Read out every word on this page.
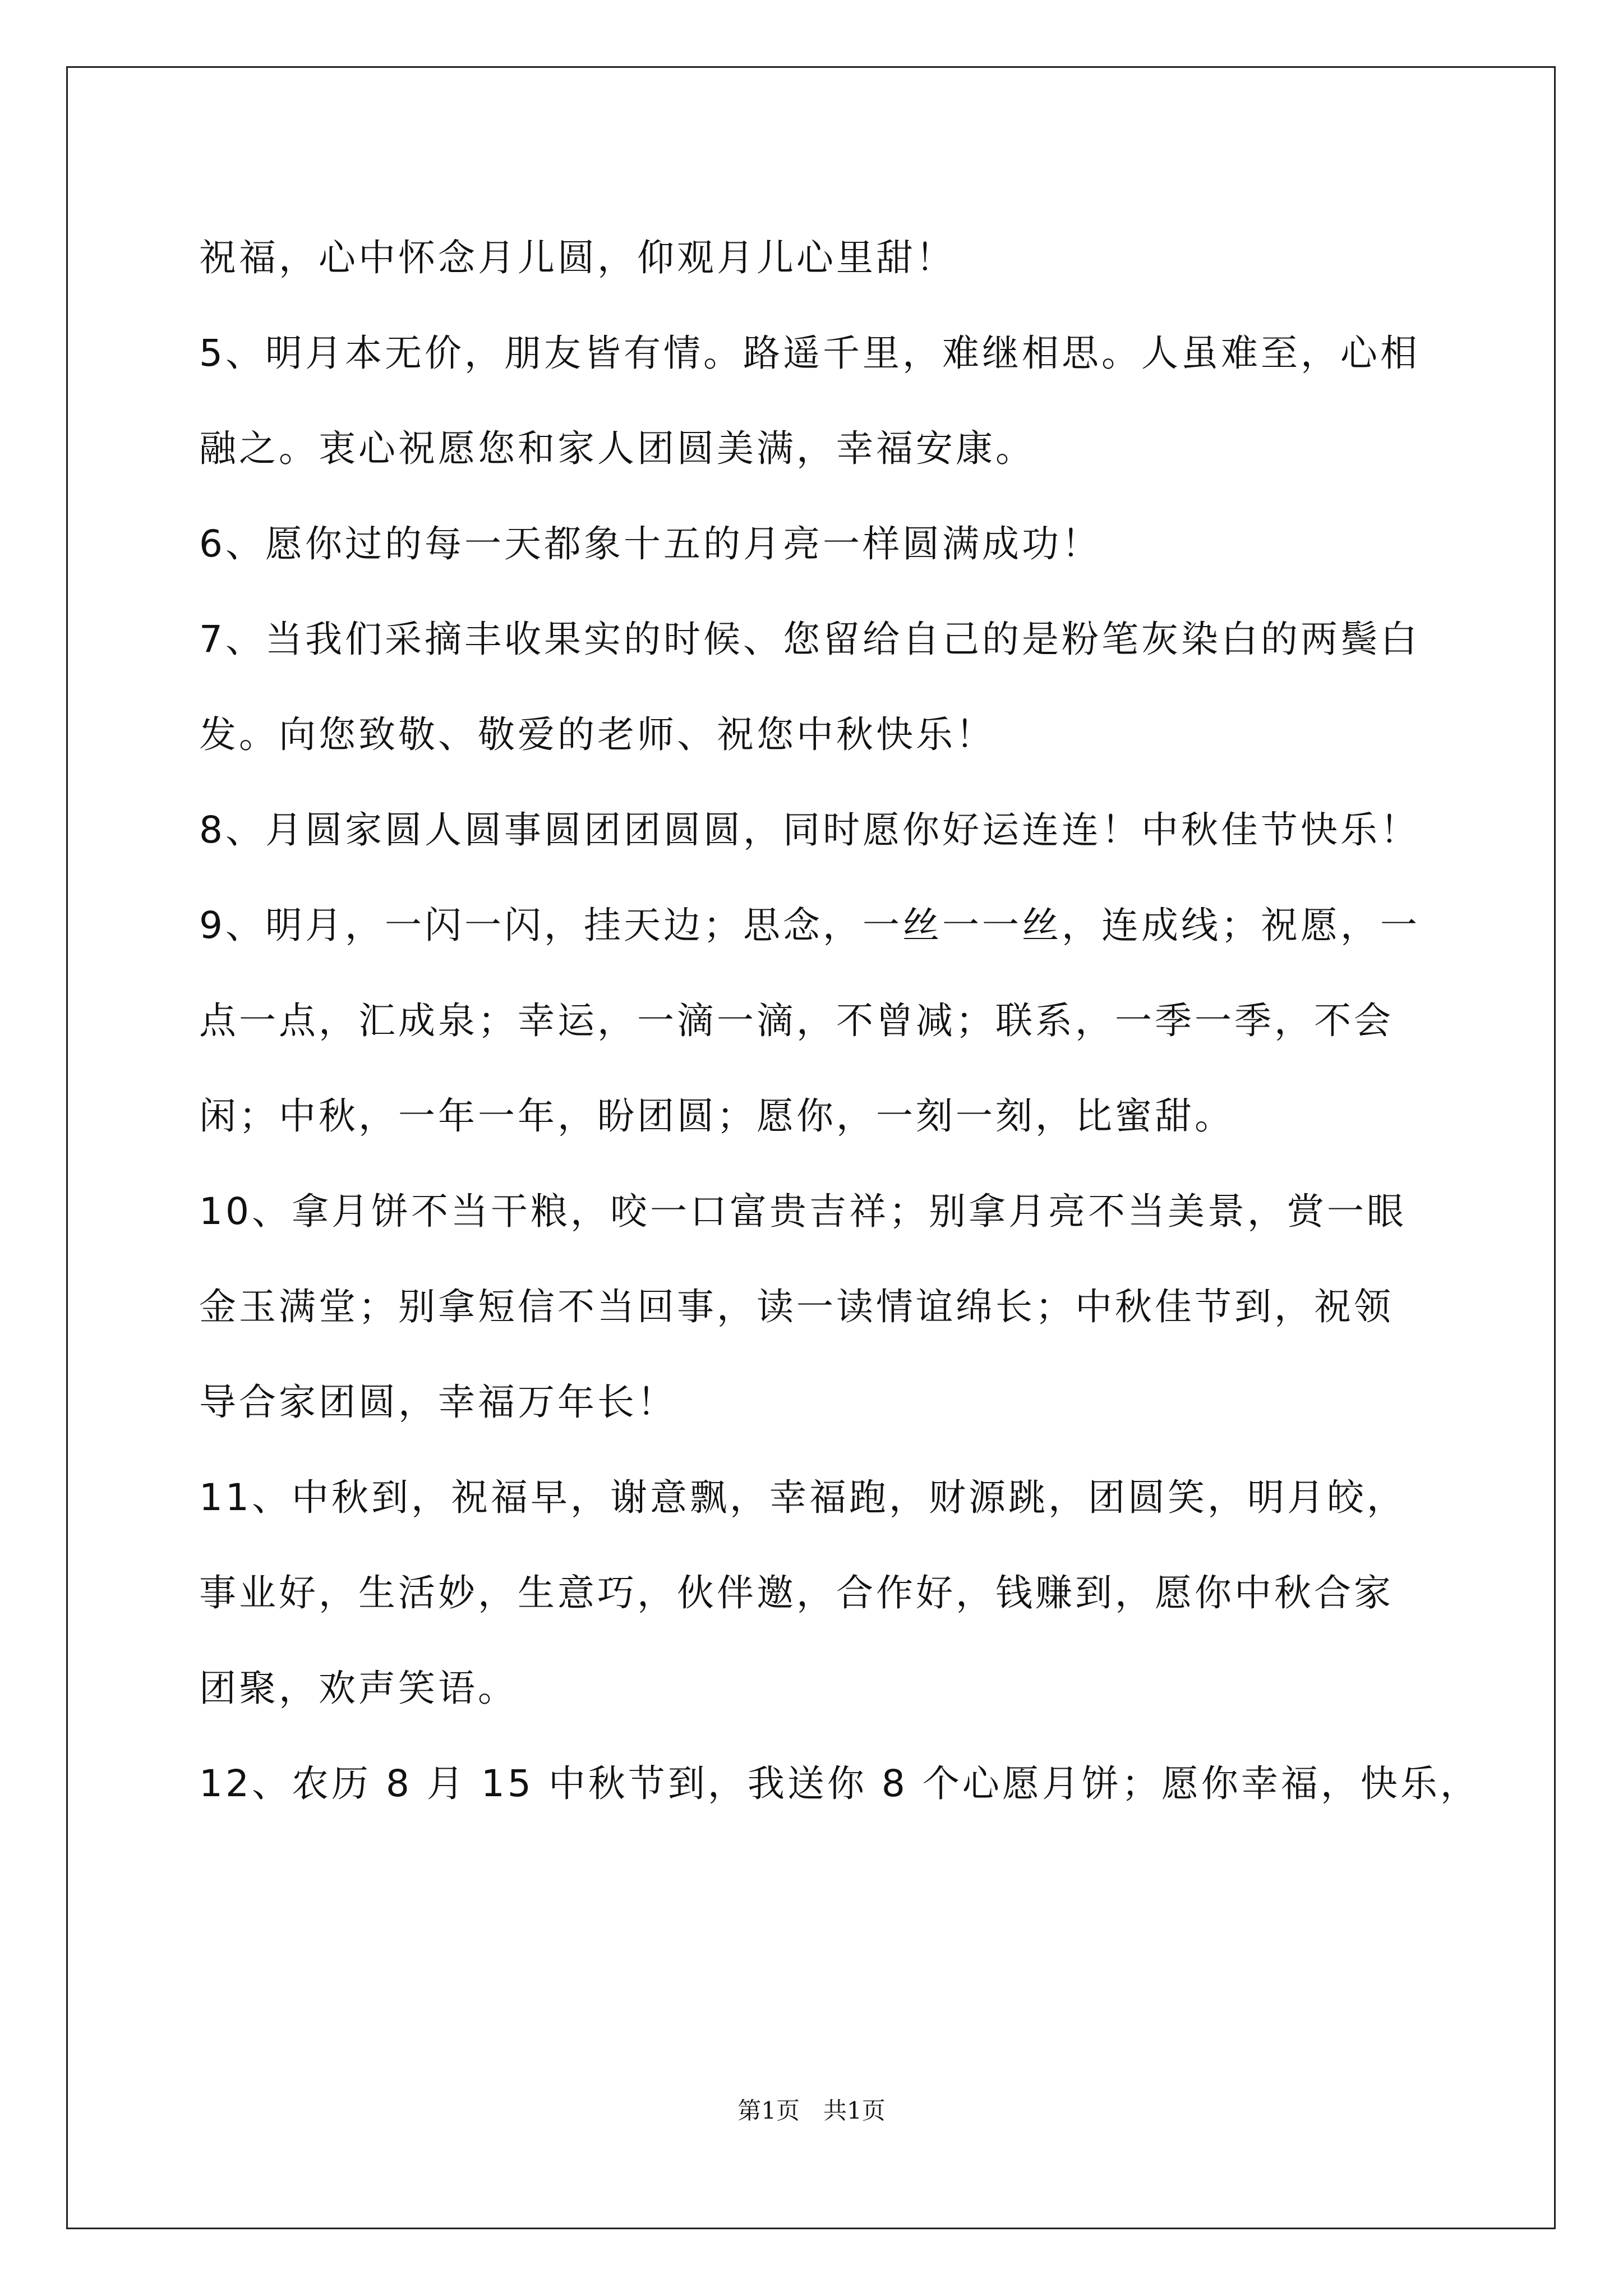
祝福，心中怀念月儿圆，仰观月儿心里甜！
5、明月本无价，朋友皆有情。路遥千里，难继相思。人虽难至，心相
融之。衷心祝愿您和家人团圆美满，幸福安康。
6、愿你过的每一天都象十五的月亮一样圆满成功！
7、当我们采摘丰收果实的时候、您留给自己的是粉笔灰染白的两鬓白
发。向您致敬、敬爱的老师、祝您中秋快乐！
8、月圆家圆人圆事圆团团圆圆，同时愿你好运连连！中秋佳节快乐！
9、明月，一闪一闪，挂天边；思念，一丝一一丝，连成线；祝愿，一
点一点，汇成泉；幸运，一滴一滴，不曾减；联系，一季一季，不会
闲；中秋，一年一年，盼团圆；愿你，一刻一刻，比蜜甜。
10、拿月饼不当干粮，咬一口富贵吉祥；别拿月亮不当美景，赏一眼
金玉满堂；别拿短信不当回事，读一读情谊绵长；中秋佳节到，祝领
导合家团圆，幸福万年长！
11、中秋到，祝福早，谢意飘，幸福跑，财源跳，团圆笑，明月皎，
事业好，生活妙，生意巧，伙伴邀，合作好，钱赚到，愿你中秋合家
团聚，欢声笑语。
12、农历 8 月 15 中秋节到，我送你 8 个心愿月饼；愿你幸福，快乐，
第1页　共1页
